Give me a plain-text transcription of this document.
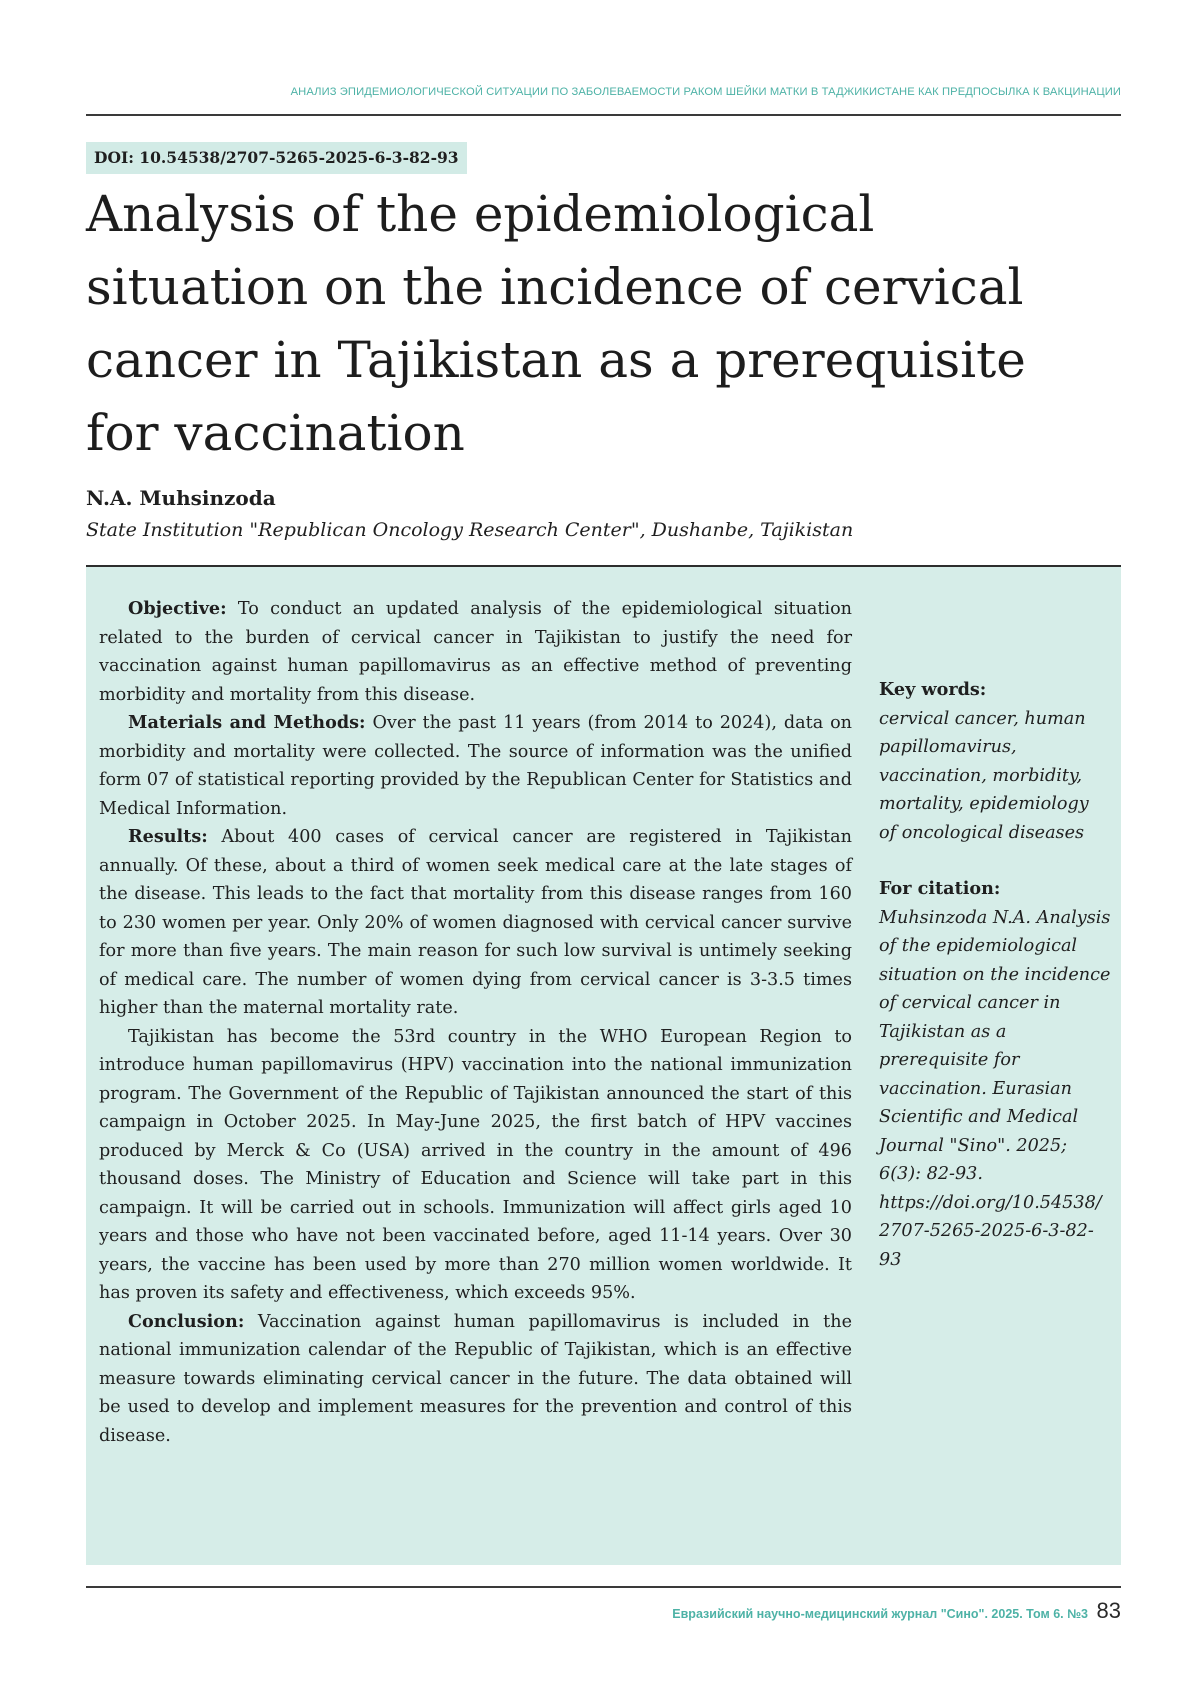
АНАЛИЗ ЭПИДЕМИОЛОГИЧЕСКОЙ СИТУАЦИИ ПО ЗАБОЛЕВАЕМОСТИ РАКОМ ШЕЙКИ МАТКИ В ТАДЖИКИСТАНЕ КАК ПРЕДПОСЫЛКА К ВАКЦИНАЦИИ
DOI: 10.54538/2707-5265-2025-6-3-82-93
Analysis of the epidemiological situation on the incidence of cervical cancer in Tajikistan as a prerequisite for vaccination
N.A. Muhsinzoda
State Institution "Republican Oncology Research Center", Dushanbe, Tajikistan

Objective: To conduct an updated analysis of the epidemiological situation related to the burden of cervical cancer in Tajikistan to justify the need for vaccination against human papillomavirus as an effective method of preventing morbidity and mortality from this disease.

Materials and Methods: Over the past 11 years (from 2014 to 2024), data on morbidity and mortality were collected. The source of information was the unified form 07 of statistical reporting provided by the Republican Center for Statistics and Medical Information.

Results: About 400 cases of cervical cancer are registered in Tajikistan annually. Of these, about a third of women seek medical care at the late stages of the disease. This leads to the fact that mortality from this disease ranges from 160 to 230 women per year. Only 20% of women diagnosed with cervical cancer survive for more than five years. The main reason for such low survival is untimely seeking of medical care. The number of women dying from cervical cancer is 3-3.5 times higher than the maternal mortality rate.

Tajikistan has become the 53rd country in the WHO European Region to introduce human papillomavirus (HPV) vaccination into the national immunization program. The Government of the Republic of Tajikistan announced the start of this campaign in October 2025. In May-June 2025, the first batch of HPV vaccines produced by Merck & Co (USA) arrived in the country in the amount of 496 thousand doses. The Ministry of Education and Science will take part in this campaign. It will be carried out in schools. Immunization will affect girls aged 10 years and those who have not been vaccinated before, aged 11-14 years. Over 30 years, the vaccine has been used by more than 270 million women worldwide. It has proven its safety and effectiveness, which exceeds 95%.

Conclusion: Vaccination against human papillomavirus is included in the national immunization calendar of the Republic of Tajikistan, which is an effective measure towards eliminating cervical cancer in the future. The data obtained will be used to develop and implement measures for the prevention and control of this disease.

Key words:

cervical cancer, human papillomavirus, vaccination, morbidity, mortality, epidemiology of oncological diseases

For citation:

Muhsinzoda N.A. Analysis of the epidemiological situation on the incidence of cervical cancer in Tajikistan as a prerequisite for vaccination. Eurasian Scientific and Medical Journal "Sino". 2025; 6(3): 82-93. https://doi.org/10.54538/2707-5265-2025-6-3-82-93

Евразийский научно-медицинский журнал "Сино". 2025. Том 6. №3 83
